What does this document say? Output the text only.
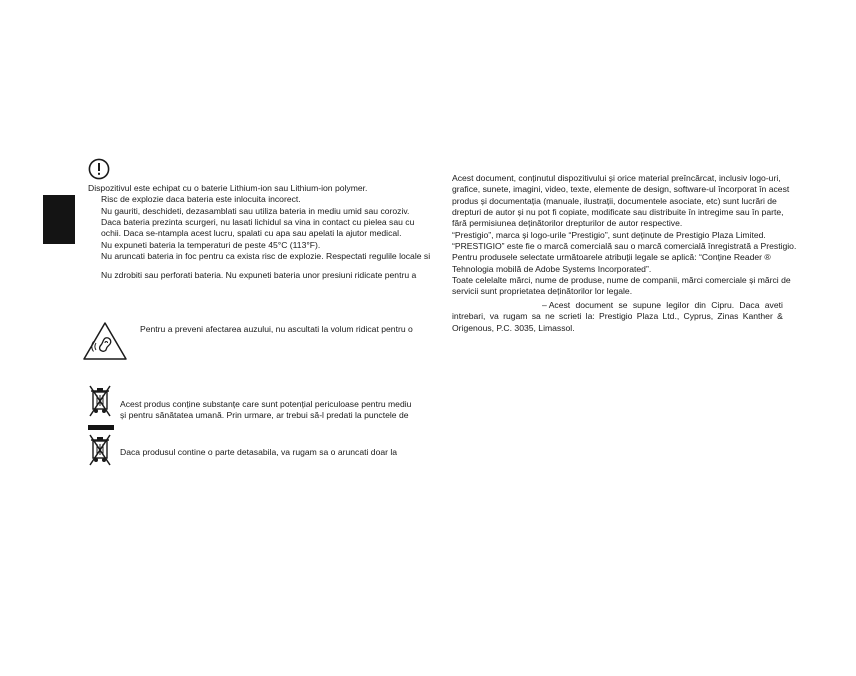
Dispozitivul este echipat cu o baterie Lithium-ion sau Lithium-ion polymer.

Risc de explozie daca bateria este inlocuita incorect.

Nu gauriti, deschideti, dezasamblati sau utiliza bateria in mediu umid sau coroziv.

Daca bateria prezinta scurgeri, nu lasati lichidul sa vina in contact cu pielea sau cu

ochii. Daca se-ntampla acest lucru, spalati cu apa sau apelati la ajutor medical.

Nu expuneti bateria la temperaturi de peste 45°C (113°F).

Nu aruncati bateria in foc pentru ca exista risc de explozie. Respectati regulile locale si

Nu zdrobiti sau perforati bateria. Nu expuneti bateria unor presiuni ridicate pentru a

Pentru a preveni afectarea auzului, nu ascultati la volum ridicat pentru o

Acest produs conține substanțe care sunt potențial periculoase pentru mediu

și pentru sănătatea umană. Prin urmare, ar trebui să-l predati la punctele de

Daca produsul contine o parte detasabila, va rugam sa o aruncati doar la

Acest document, conținutul dispozitivului și orice material preîncărcat, inclusiv logo-uri,

grafice, sunete, imagini, video, texte, elemente de design, software-ul încorporat în acest

produs și documentația (manuale, ilustrații, documentele asociate, etc) sunt lucrări de

drepturi de autor și nu pot fi copiate, modificate sau distribuite în intregime sau în parte,

fără permisiunea deținătorilor drepturilor de autor respective.

“Prestigio”, marca și logo-urile “Prestigio”, sunt deținute de Prestigio Plaza Limited.

“PRESTIGIO” este fie o marcă comercială sau o marcă comercială înregistrată a Prestigio.

Pentru produsele selectate următoarele atribuții legale se aplică: “Conține Reader ®

Tehnologia mobilă de Adobe Systems Incorporated”.

Toate celelalte mărci, nume de produse, nume de companii, mărci comerciale și mărci de

servicii sunt proprietatea deținătorilor lor legale.

– Acest document se supune legilor din Cipru. Daca aveti
intrebari, va rugam sa ne scrieti la: Prestigio Plaza Ltd., Cyprus, Zinas Kanther &
Origenous, P.C. 3035, Limassol.
